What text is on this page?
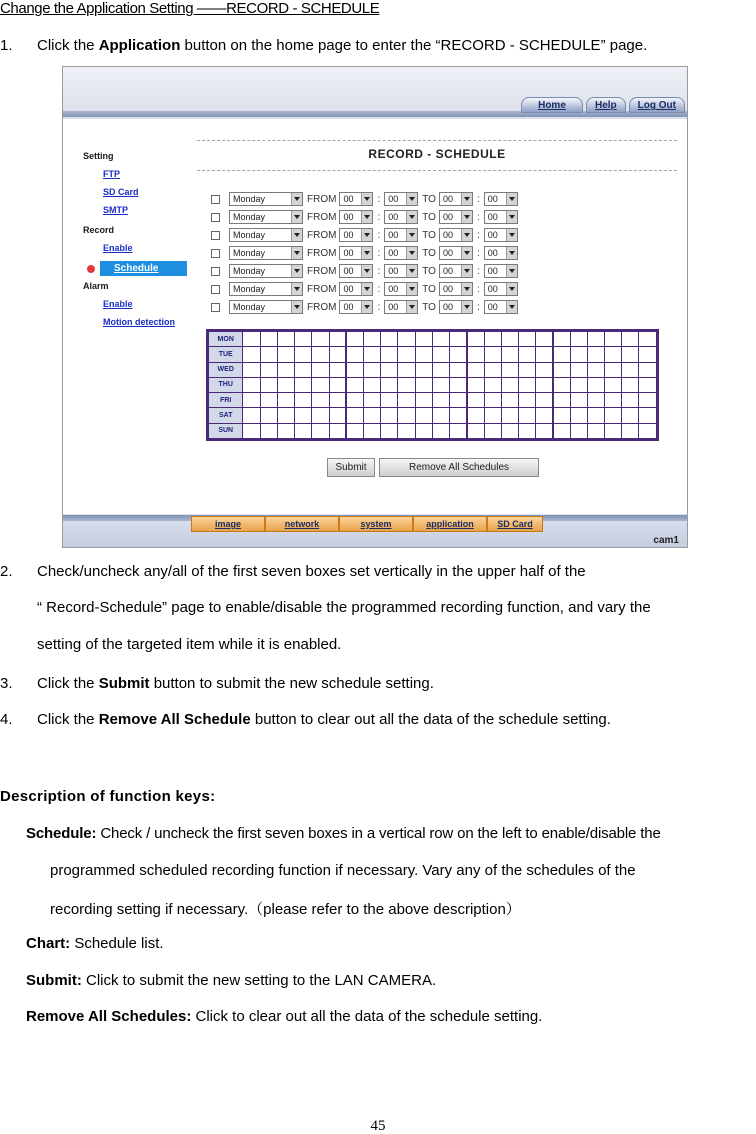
Change the Application Setting ——RECORD - SCHEDULE
1.	Click the Application button on the home page to enter the “RECORD - SCHEDULE” page.
Home	Help	Log Out
Setting
FTP
SD Card
SMTP
Record
Enable
Schedule
Alarm
Enable
Motion detection
RECORD - SCHEDULE
Monday	FROM 00	: 00	TO 00	: 00
Monday	FROM 00	: 00	TO 00	: 00
Monday	FROM 00	: 00	TO 00	: 00
Monday	FROM 00	: 00	TO 00	: 00
Monday	FROM 00	: 00	TO 00	: 00
Monday	FROM 00	: 00	TO 00	: 00
Monday	FROM 00	: 00	TO 00	: 00
MON																								
TUE																								
WED																								
THU																								
FRI																								
SAT																								
SUN																								
Submit	Remove All Schedules
image	network	system	application	SD Card
cam1
2.	Check/uncheck any/all of the first seven boxes set vertically in the upper half of the
“ Record-Schedule” page to enable/disable the programmed recording function, and vary the
setting of the targeted item while it is enabled.
3.	Click the Submit button to submit the new schedule setting.
4.	Click the Remove All Schedule button to clear out all the data of the schedule setting.
Description of function keys:
Schedule: Check / uncheck the first seven boxes in a vertical row on the left to enable/disable the
programmed scheduled recording function if necessary. Vary any of the schedules of the
recording setting if necessary.（please refer to the above description）
Chart: Schedule list.
Submit: Click to submit the new setting to the LAN CAMERA.
Remove All Schedules: Click to clear out all the data of the schedule setting.
45
